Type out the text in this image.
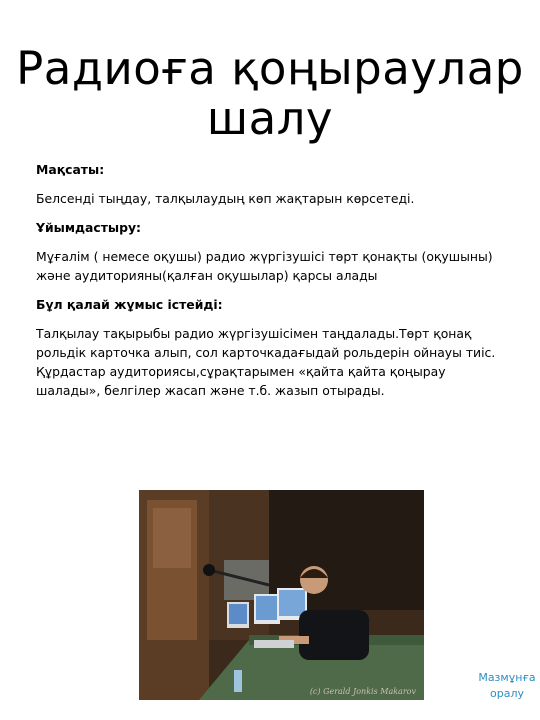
Радиоға қоңыраулар
шалу

Мақсаты:

Белсенді тыңдау, талқылаудың көп жақтарын көрсетеді.

Ұйымдастыру:

Мұғалім ( немесе оқушы) радио жүргізушісі төрт қонақты (оқушыны) және аудиторияны(қалған оқушылар) қарсы алады

Бұл қалай жұмыс істейді:

Талқылау тақырыбы радио жүргізушісімен таңдалады.Төрт қонақ рольдік карточка алып, сол карточкадағыдай рольдерін ойнауы тиіс. Құрдастар аудиториясы,сұрақтарымен «қайта қайта қоңырау шалады», белгілер жасап және т.б. жазып отырады.

(c) Gerald Jonkis Makarov
Мазмұнға
оралу
